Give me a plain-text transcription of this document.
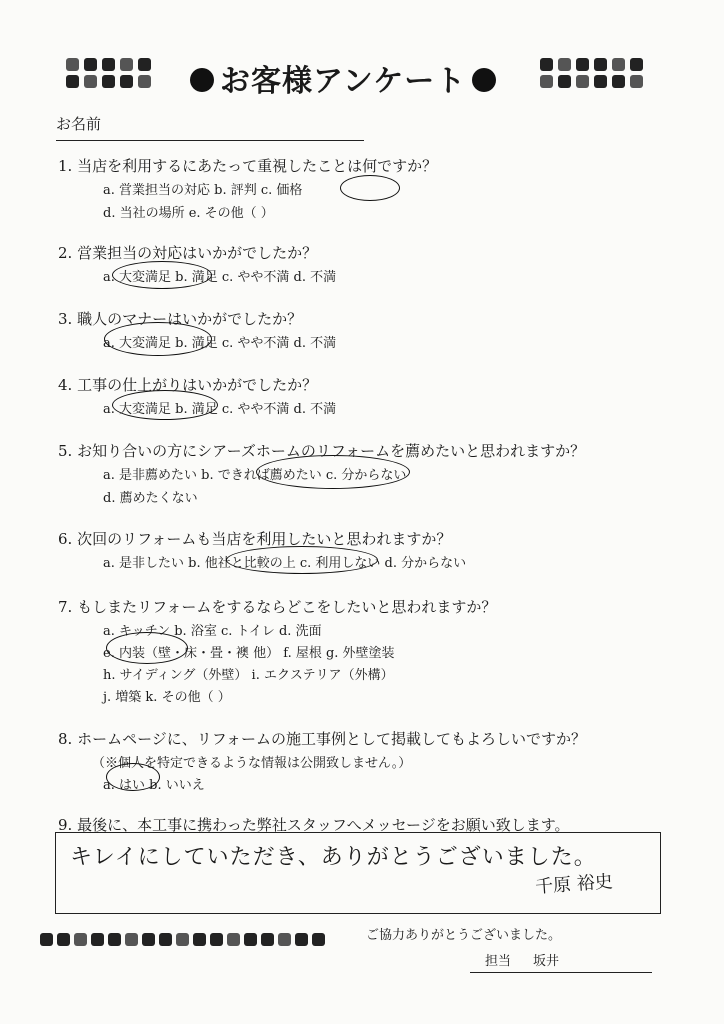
お客様アンケート
お名前
1. 当店を利用するにあたって重視したことは何ですか？
a. 営業担当の対応 b. 評判 c. 価格
d. 当社の場所 e. その他（ ）
2. 営業担当の対応はいかがでしたか？
a. 大変満足 b. 満足 c. やや不満 d. 不満
3. 職人のマナーはいかがでしたか？
a. 大変満足 b. 満足 c. やや不満 d. 不満
4. 工事の仕上がりはいかがでしたか？
a. 大変満足 b. 満足 c. やや不満 d. 不満
5. お知り合いの方にシアーズホームのリフォームを薦めたいと思われますか？
a. 是非薦めたい b. できれば薦めたい c. 分からない
d. 薦めたくない
6. 次回のリフォームも当店を利用したいと思われますか？
a. 是非したい b. 他社と比較の上 c. 利用しない d. 分からない
7. もしまたリフォームをするならどこをしたいと思われますか？
a. キッチン b. 浴室 c. トイレ d. 洗面
e. 内装（壁・床・畳・襖 他） f. 屋根 g. 外壁塗装
h. サイディング（外壁） i. エクステリア（外構）
j. 増築 k. その他（ ）
8. ホームページに、リフォームの施工事例として掲載してもよろしいですか？
（※個人を特定できるような情報は公開致しません。）
a. はい b. いいえ
9. 最後に、本工事に携わった弊社スタッフへメッセージをお願い致します。
キレイにしていただき、ありがとうございました。
千原 裕史
ご協力ありがとうございました。
担当 坂井
